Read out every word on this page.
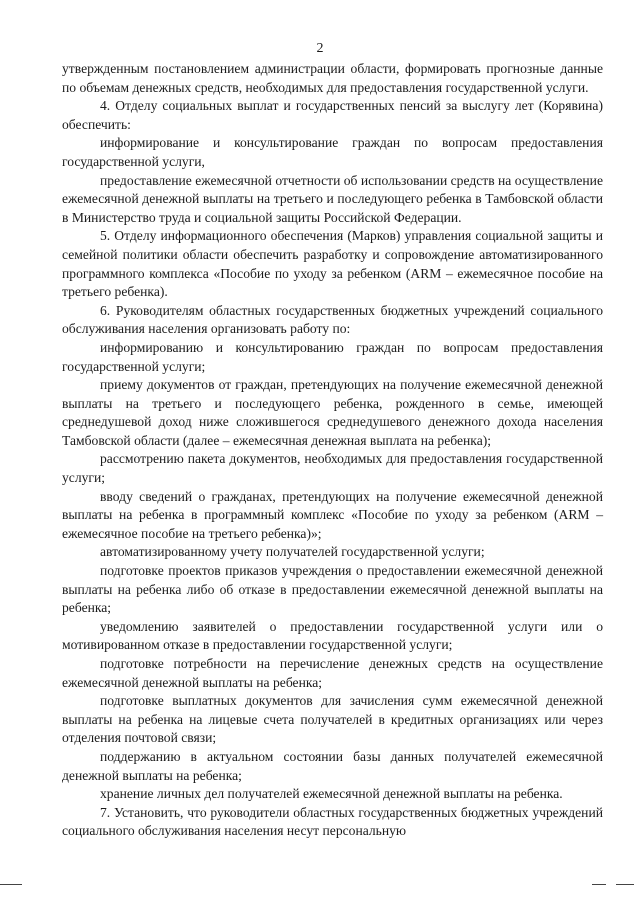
2

утвержденным постановлением администрации области, формировать прогнозные данные по объемам денежных средств, необходимых для предоставления государственной услуги.

4. Отделу социальных выплат и государственных пенсий за выслугу лет (Корявина) обеспечить:

информирование и консультирование граждан по вопросам предоставления государственной услуги,

предоставление ежемесячной отчетности об использовании средств на осуществление ежемесячной денежной выплаты на третьего и последующего ребенка в Тамбовской области в Министерство труда и социальной защиты Российской Федерации.

5. Отделу информационного обеспечения (Марков) управления социальной защиты и семейной политики области обеспечить разработку и сопровождение автоматизированного программного комплекса «Пособие по уходу за ребенком (ARM – ежемесячное пособие на третьего ребенка).

6. Руководителям областных государственных бюджетных учреждений социального обслуживания населения организовать работу по:

информированию и консультированию граждан по вопросам предоставления государственной услуги;

приему документов от граждан, претендующих на получение ежемесячной денежной выплаты на третьего и последующего ребенка, рожденного в семье, имеющей среднедушевой доход ниже сложившегося среднедушевого денежного дохода населения Тамбовской области (далее – ежемесячная денежная выплата на ребенка);

рассмотрению пакета документов, необходимых для предоставления государственной услуги;

вводу сведений о гражданах, претендующих на получение ежемесячной денежной выплаты на ребенка в программный комплекс «Пособие по уходу за ребенком (ARM – ежемесячное пособие на третьего ребенка)»;

автоматизированному учету получателей государственной услуги;

подготовке проектов приказов учреждения о предоставлении ежемесячной денежной выплаты на ребенка либо об отказе в предоставлении ежемесячной денежной выплаты на ребенка;

уведомлению заявителей о предоставлении государственной услуги или о мотивированном отказе в предоставлении государственной услуги;

подготовке потребности на перечисление денежных средств на осуществление ежемесячной денежной выплаты на ребенка;

подготовке выплатных документов для зачисления сумм ежемесячной денежной выплаты на ребенка на лицевые счета получателей в кредитных организациях или через отделения почтовой связи;

поддержанию в актуальном состоянии базы данных получателей ежемесячной денежной выплаты на ребенка;

хранение личных дел получателей ежемесячной денежной выплаты на ребенка.

7. Установить, что руководители областных государственных бюджетных учреждений социального обслуживания населения несут персональную
